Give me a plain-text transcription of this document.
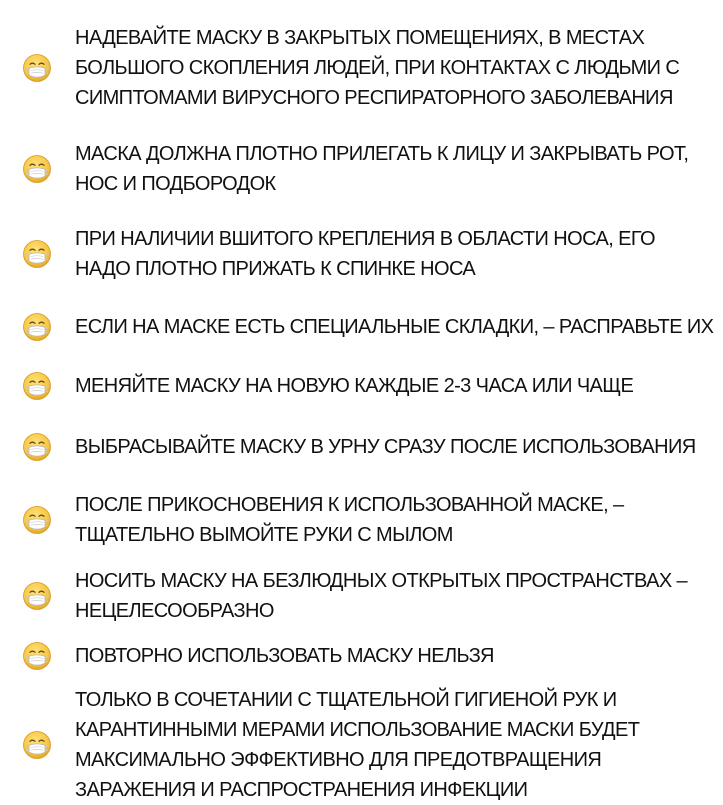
НАДЕВАЙТЕ МАСКУ В ЗАКРЫТЫХ ПОМЕЩЕНИЯХ, В МЕСТАХ БОЛЬШОГО СКОПЛЕНИЯ ЛЮДЕЙ, ПРИ КОНТАКТАХ С ЛЮДЬМИ С СИМПТОМАМИ ВИРУСНОГО РЕСПИРАТОРНОГО ЗАБОЛЕВАНИЯ
МАСКА ДОЛЖНА ПЛОТНО ПРИЛЕГАТЬ К ЛИЦУ И ЗАКРЫВАТЬ РОТ, НОС И ПОДБОРОДОК
ПРИ НАЛИЧИИ ВШИТОГО КРЕПЛЕНИЯ В ОБЛАСТИ НОСА, ЕГО НАДО ПЛОТНО ПРИЖАТЬ К СПИНКЕ НОСА
ЕСЛИ НА МАСКЕ ЕСТЬ СПЕЦИАЛЬНЫЕ СКЛАДКИ, – РАСПРАВЬТЕ ИХ
МЕНЯЙТЕ МАСКУ НА НОВУЮ КАЖДЫЕ 2-3 ЧАСА ИЛИ ЧАЩЕ
ВЫБРАСЫВАЙТЕ МАСКУ В УРНУ СРАЗУ ПОСЛЕ ИСПОЛЬЗОВАНИЯ
ПОСЛЕ ПРИКОСНОВЕНИЯ К ИСПОЛЬЗОВАННОЙ МАСКЕ, – ТЩАТЕЛЬНО ВЫМОЙТЕ РУКИ С МЫЛОМ
НОСИТЬ МАСКУ НА БЕЗЛЮДНЫХ ОТКРЫТЫХ ПРОСТРАНСТВАХ – НЕЦЕЛЕСООБРАЗНО
ПОВТОРНО ИСПОЛЬЗОВАТЬ МАСКУ НЕЛЬЗЯ
ТОЛЬКО В СОЧЕТАНИИ С ТЩАТЕЛЬНОЙ ГИГИЕНОЙ РУК И КАРАНТИННЫМИ МЕРАМИ ИСПОЛЬЗОВАНИЕ МАСКИ БУДЕТ МАКСИМАЛЬНО ЭФФЕКТИВНО ДЛЯ ПРЕДОТВРАЩЕНИЯ ЗАРАЖЕНИЯ И РАСПРОСТРАНЕНИЯ ИНФЕКЦИИ
